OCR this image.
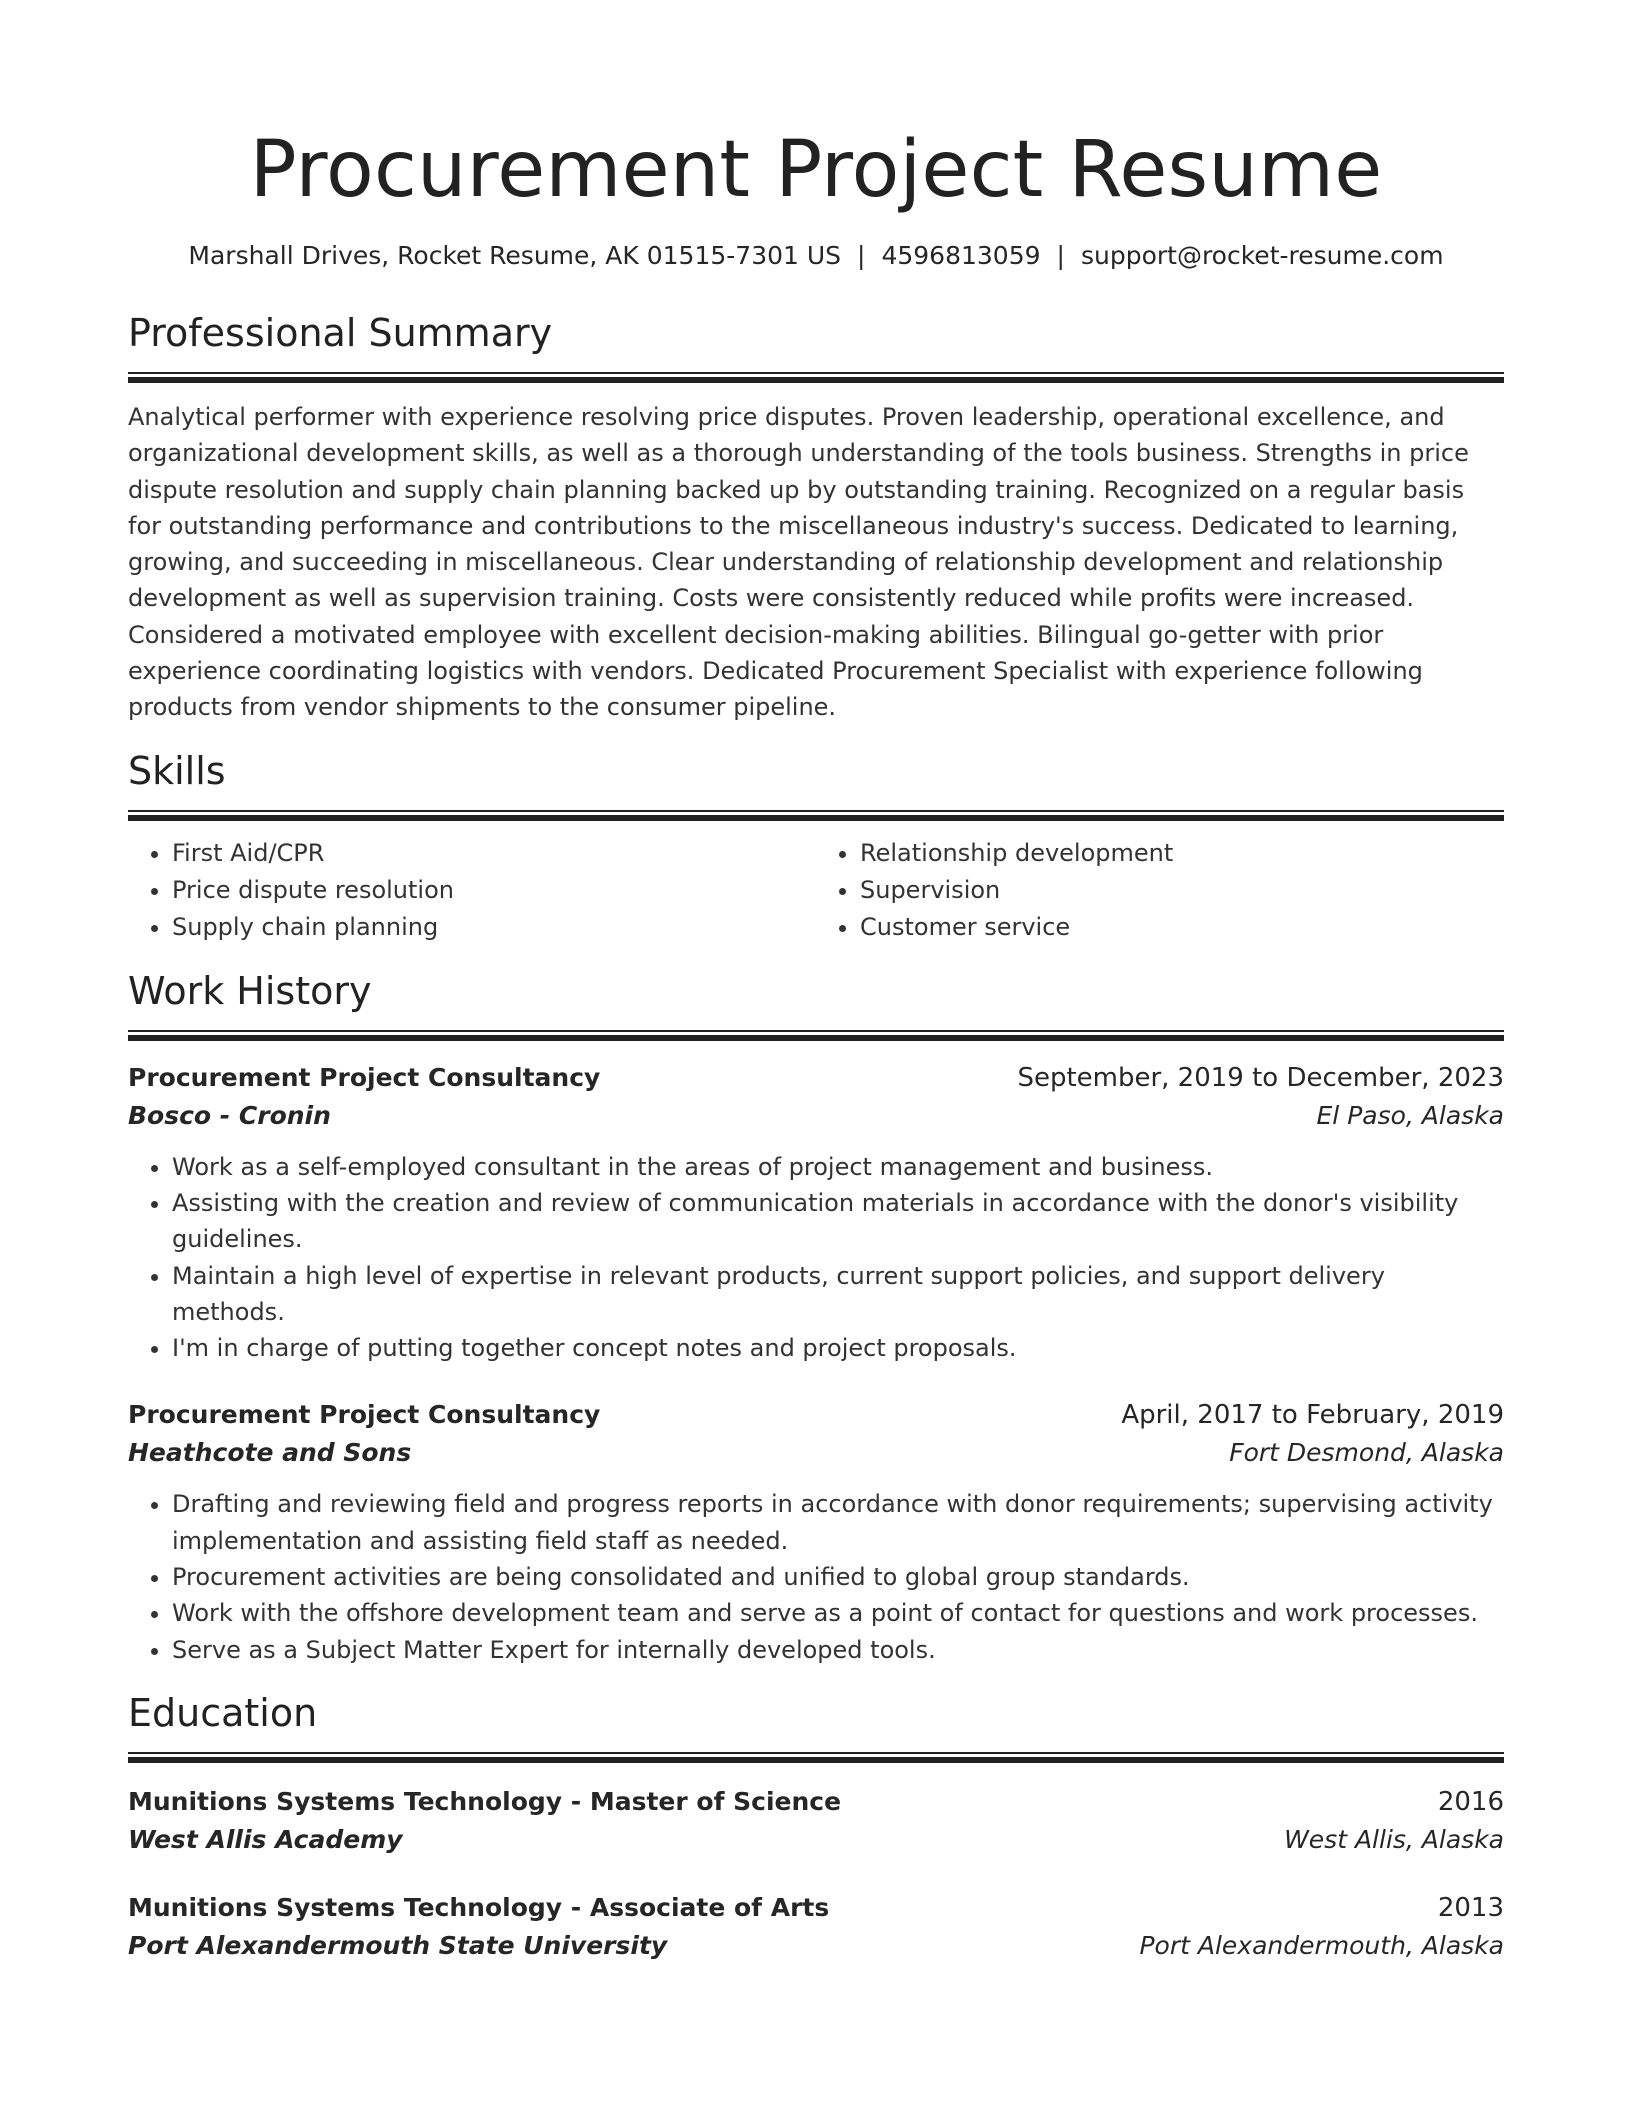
Procurement Project Resume
Marshall Drives, Rocket Resume, AK 01515-7301 US | 4596813059 | support@rocket-resume.com
Professional Summary
Analytical performer with experience resolving price disputes. Proven leadership, operational excellence, and organizational development skills, as well as a thorough understanding of the tools business. Strengths in price dispute resolution and supply chain planning backed up by outstanding training. Recognized on a regular basis for outstanding performance and contributions to the miscellaneous industry's success. Dedicated to learning, growing, and succeeding in miscellaneous. Clear understanding of relationship development and relationship development as well as supervision training. Costs were consistently reduced while profits were increased. Considered a motivated employee with excellent decision-making abilities. Bilingual go-getter with prior experience coordinating logistics with vendors. Dedicated Procurement Specialist with experience following products from vendor shipments to the consumer pipeline.
Skills
• First Aid/CPR
• Price dispute resolution
• Supply chain planning
• Relationship development
• Supervision
• Customer service
Work History
Procurement Project Consultancy	September, 2019 to December, 2023
Bosco - Cronin	El Paso, Alaska
• Work as a self-employed consultant in the areas of project management and business.
• Assisting with the creation and review of communication materials in accordance with the donor's visibility guidelines.
• Maintain a high level of expertise in relevant products, current support policies, and support delivery methods.
• I'm in charge of putting together concept notes and project proposals.
Procurement Project Consultancy	April, 2017 to February, 2019
Heathcote and Sons	Fort Desmond, Alaska
• Drafting and reviewing field and progress reports in accordance with donor requirements; supervising activity implementation and assisting field staff as needed.
• Procurement activities are being consolidated and unified to global group standards.
• Work with the offshore development team and serve as a point of contact for questions and work processes.
• Serve as a Subject Matter Expert for internally developed tools.
Education
Munitions Systems Technology - Master of Science	2016
West Allis Academy	West Allis, Alaska
Munitions Systems Technology - Associate of Arts	2013
Port Alexandermouth State University	Port Alexandermouth, Alaska
